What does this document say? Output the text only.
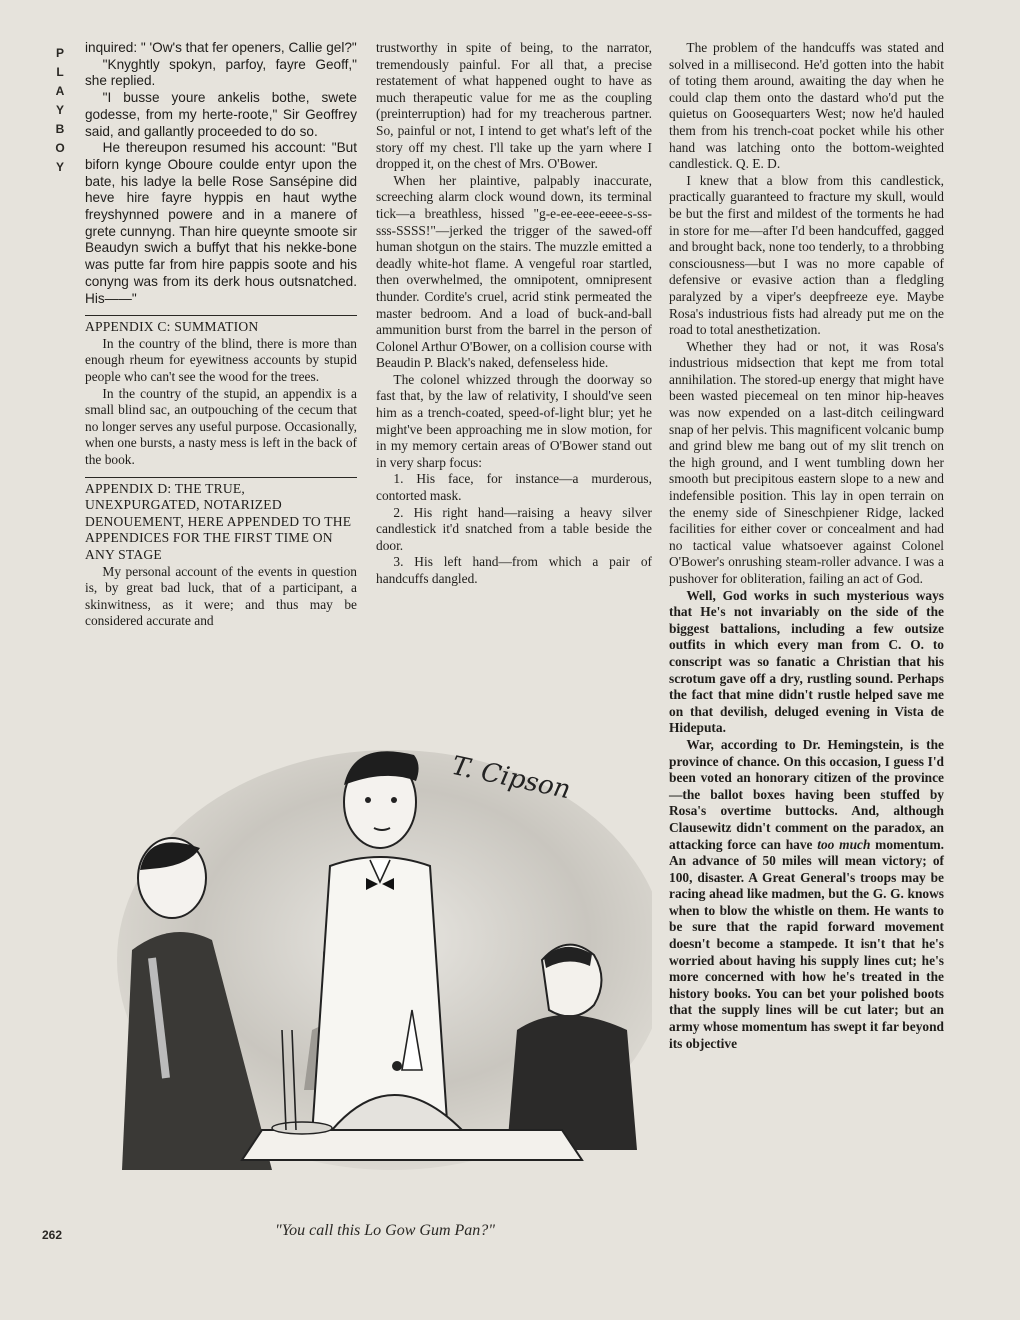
P
L
A
Y
B
O
Y

inquired: " 'Ow's that fer openers, Callie gel?"

"Knyghtly spokyn, parfoy, fayre Geoff," she replied.

"I busse youre ankelis bothe, swete godesse, from my herte-roote," Sir Geoffrey said, and gallantly proceeded to do so.

He thereupon resumed his account: "But biforn kynge Oboure coulde entyr upon the bate, his ladye la belle Rose Sansépine did heve hire fayre hyppis en haut wythe freyshynned powere and in a manere of grete cunnyng. Than hire queynte smoote sir Beaudyn swich a buffyt that his nekke-bone was putte far from hire pappis soote and his conyng was from its derk hous outsnatched. His——"

APPENDIX C: SUMMATION

In the country of the blind, there is more than enough rheum for eyewitness accounts by stupid people who can't see the wood for the trees.

In the country of the stupid, an appendix is a small blind sac, an outpouching of the cecum that no longer serves any useful purpose. Occasionally, when one bursts, a nasty mess is left in the back of the book.

APPENDIX D: THE TRUE, UNEXPURGATED, NOTARIZED DENOUEMENT, HERE APPENDED TO THE APPENDICES FOR THE FIRST TIME ON ANY STAGE

My personal account of the events in question is, by great bad luck, that of a participant, a skinwitness, as it were; and thus may be considered accurate and

trustworthy in spite of being, to the narrator, tremendously painful. For all that, a precise restatement of what happened ought to have as much therapeutic value for me as the coupling (preinterruption) had for my treacherous partner. So, painful or not, I intend to get what's left of the story off my chest. I'll take up the yarn where I dropped it, on the chest of Mrs. O'Bower.

When her plaintive, palpably inaccurate, screeching alarm clock wound down, its terminal tick—a breathless, hissed "g-e-ee-eee-eeee-s-ss-sss-SSSS!"—jerked the trigger of the sawed-off human shotgun on the stairs. The muzzle emitted a deadly white-hot flame. A vengeful roar startled, then overwhelmed, the omnipotent, omnipresent thunder. Cordite's cruel, acrid stink permeated the master bedroom. And a load of buck-and-ball ammunition burst from the barrel in the person of Colonel Arthur O'Bower, on a collision course with Beaudin P. Black's naked, defenseless hide.

The colonel whizzed through the doorway so fast that, by the law of relativity, I should've seen him as a trench-coated, speed-of-light blur; yet he might've been approaching me in slow motion, for in my memory certain areas of O'Bower stand out in very sharp focus:

1. His face, for instance—a murderous, contorted mask.

2. His right hand—raising a heavy silver candlestick it'd snatched from a table beside the door.

3. His left hand—from which a pair of handcuffs dangled.

The problem of the handcuffs was stated and solved in a millisecond. He'd gotten into the habit of toting them around, awaiting the day when he could clap them onto the dastard who'd put the quietus on Goosequarters West; now he'd hauled them from his trench-coat pocket while his other hand was latching onto the bottom-weighted candlestick. Q. E. D.

I knew that a blow from this candlestick, practically guaranteed to fracture my skull, would be but the first and mildest of the torments he had in store for me—after I'd been handcuffed, gagged and brought back, none too tenderly, to a throbbing consciousness—but I was no more capable of defensive or evasive action than a fledgling paralyzed by a viper's deepfreeze eye. Maybe Rosa's industrious fists had already put me on the road to total anesthetization.

Whether they had or not, it was Rosa's industrious midsection that kept me from total annihilation. The stored-up energy that might have been wasted piecemeal on ten minor hip-heaves was now expended on a last-ditch ceilingward snap of her pelvis. This magnificent volcanic bump and grind blew me bang out of my slit trench on the high ground, and I went tumbling down her smooth but precipitous eastern slope to a new and indefensible position. This lay in open terrain on the enemy side of Sineschpiener Ridge, lacked facilities for either cover or concealment and had no tactical value whatsoever against Colonel O'Bower's onrushing steam-roller advance. I was a pushover for obliteration, failing an act of God.

Well, God works in such mysterious ways that He's not invariably on the side of the biggest battalions, including a few outsize outfits in which every man from C. O. to conscript was so fanatic a Christian that his scrotum gave off a dry, rustling sound. Perhaps the fact that mine didn't rustle helped save me on that devilish, deluged evening in Vista de Hideputa.

War, according to Dr. Hemingstein, is the province of chance. On this occasion, I guess I'd been voted an honorary citizen of the province—the ballot boxes having been stuffed by Rosa's overtime buttocks. And, although Clausewitz didn't comment on the paradox, an attacking force can have too much momentum. An advance of 50 miles will mean victory; of 100, disaster. A Great General's troops may be racing ahead like madmen, but the G. G. knows when to blow the whistle on them. He wants to be sure that the rapid forward movement doesn't become a stampede. It isn't that he's worried about having his supply lines cut; he's more concerned with how he's treated in the history books. You can bet your polished boots that the supply lines will be cut later; but an army whose momentum has swept it far beyond its objective

T. Cipson
"You call this Lo Gow Gum Pan?"
262
